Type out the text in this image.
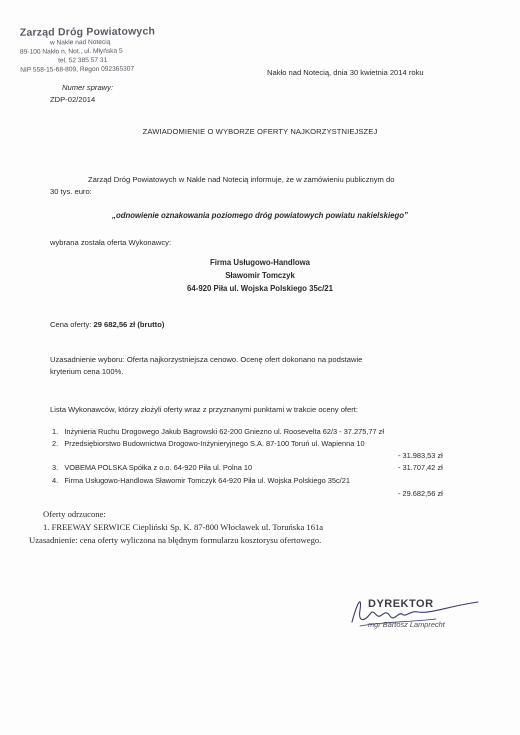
Zarząd Dróg Powiatowych
w Nakle nad Notecią
89-100 Nakło n. Not., ul. Młyńska 5
tel. 52 385 57 31
NIP 558-15-68-809, Regon 092365307	Nakło nad Notecią, dnia 30 kwietnia 2014 roku
Numer sprawy:
ZDP-02/2014
ZAWIADOMIENIE O WYBORZE OFERTY NAJKORZYSTNIEJSZEJ
Zarząd Dróg Powiatowych w Nakle nad Notecią informuje, że w zamówieniu publicznym do
30 tys. euro:
„odnowienie oznakowania poziomego dróg powiatowych powiatu nakielskiego”
wybrana została oferta Wykonawcy:
Firma Usługowo-Handlowa
Sławomir Tomczyk
64-920 Piła ul. Wojska Polskiego 35c/21
Cena oferty: 29 682,56 zł (brutto)
Uzasadnienie wyboru: Oferta najkorzystniejsza cenowo. Ocenę ofert dokonano na podstawie
kryterium cena 100%.
Lista Wykonawców, którzy złożyli oferty wraz z przyznanymi punktami w trakcie oceny ofert:
1. Inżynieria Ruchu Drogowego Jakub Bagrowski 62-200 Gniezno ul. Roosevelta 62/3 - 37.275,77 zł
2. Przedsiębiorstwo Budownictwa Drogowo-Inżynieryjnego S.A. 87-100 Toruń ul. Wapienna 10
- 31.983,53 zł
3. VOBEMA POLSKA Spółka z o.o. 64-920 Piła ul. Polna 10	- 31.707,42 zł
4. Firma Usługowo-Handlowa Sławomir Tomczyk 64-920 Piła ul. Wojska Polskiego 35c/21
- 29.682,56 zł
Oferty odrzucone:
1. FREEWAY SERWICE Ciepliński Sp. K. 87-800 Włocławek ul. Toruńska 161a
Uzasadnienie: cena oferty wyliczona na błędnym formularzu kosztorysu ofertowego.
DYREKTOR
mgr Bartosz Lamprecht
